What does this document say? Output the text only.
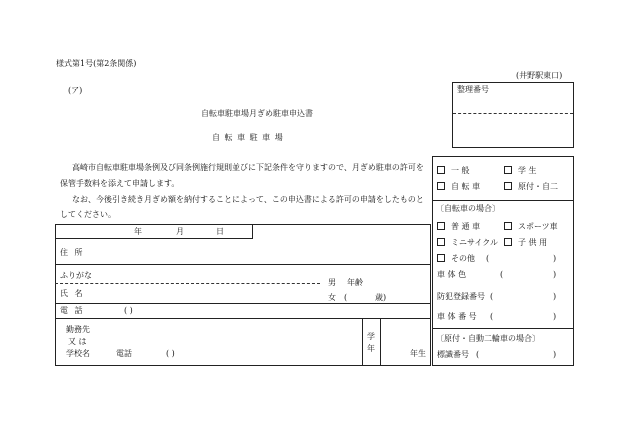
様式第1号(第2条関係)
(井野駅東口)
(ア)	整理番号
自転車駐車場月ぎめ駐車申込書
自 転 車 駐 車 場
高崎市自転車駐車場条例及び同条例施行規則並びに下記条件を守りますので、月ぎめ駐車の許可を
保管手数料を添えて申請します。
なお、今後引き続き月ぎめ額を納付することによって、この申込書による許可の申請をしたものと
してください。
年	月	日
住 所
ふりがな
氏 名
男 年齢
女 (	歳)
電 話	( )
勤務先
又 は
学校名	電話	( )
学
年
年生
一 般	学 生
自 転 車	原付・自二
〔自転車の場合〕
普 通 車	スポーツ車
ミニサイクル	子 供 用
その他 (	)
車 体 色	(	)
防犯登録番号 (	)
車 体 番 号 (	)
〔原付・自動二輪車の場合〕
標識番号 (	)
